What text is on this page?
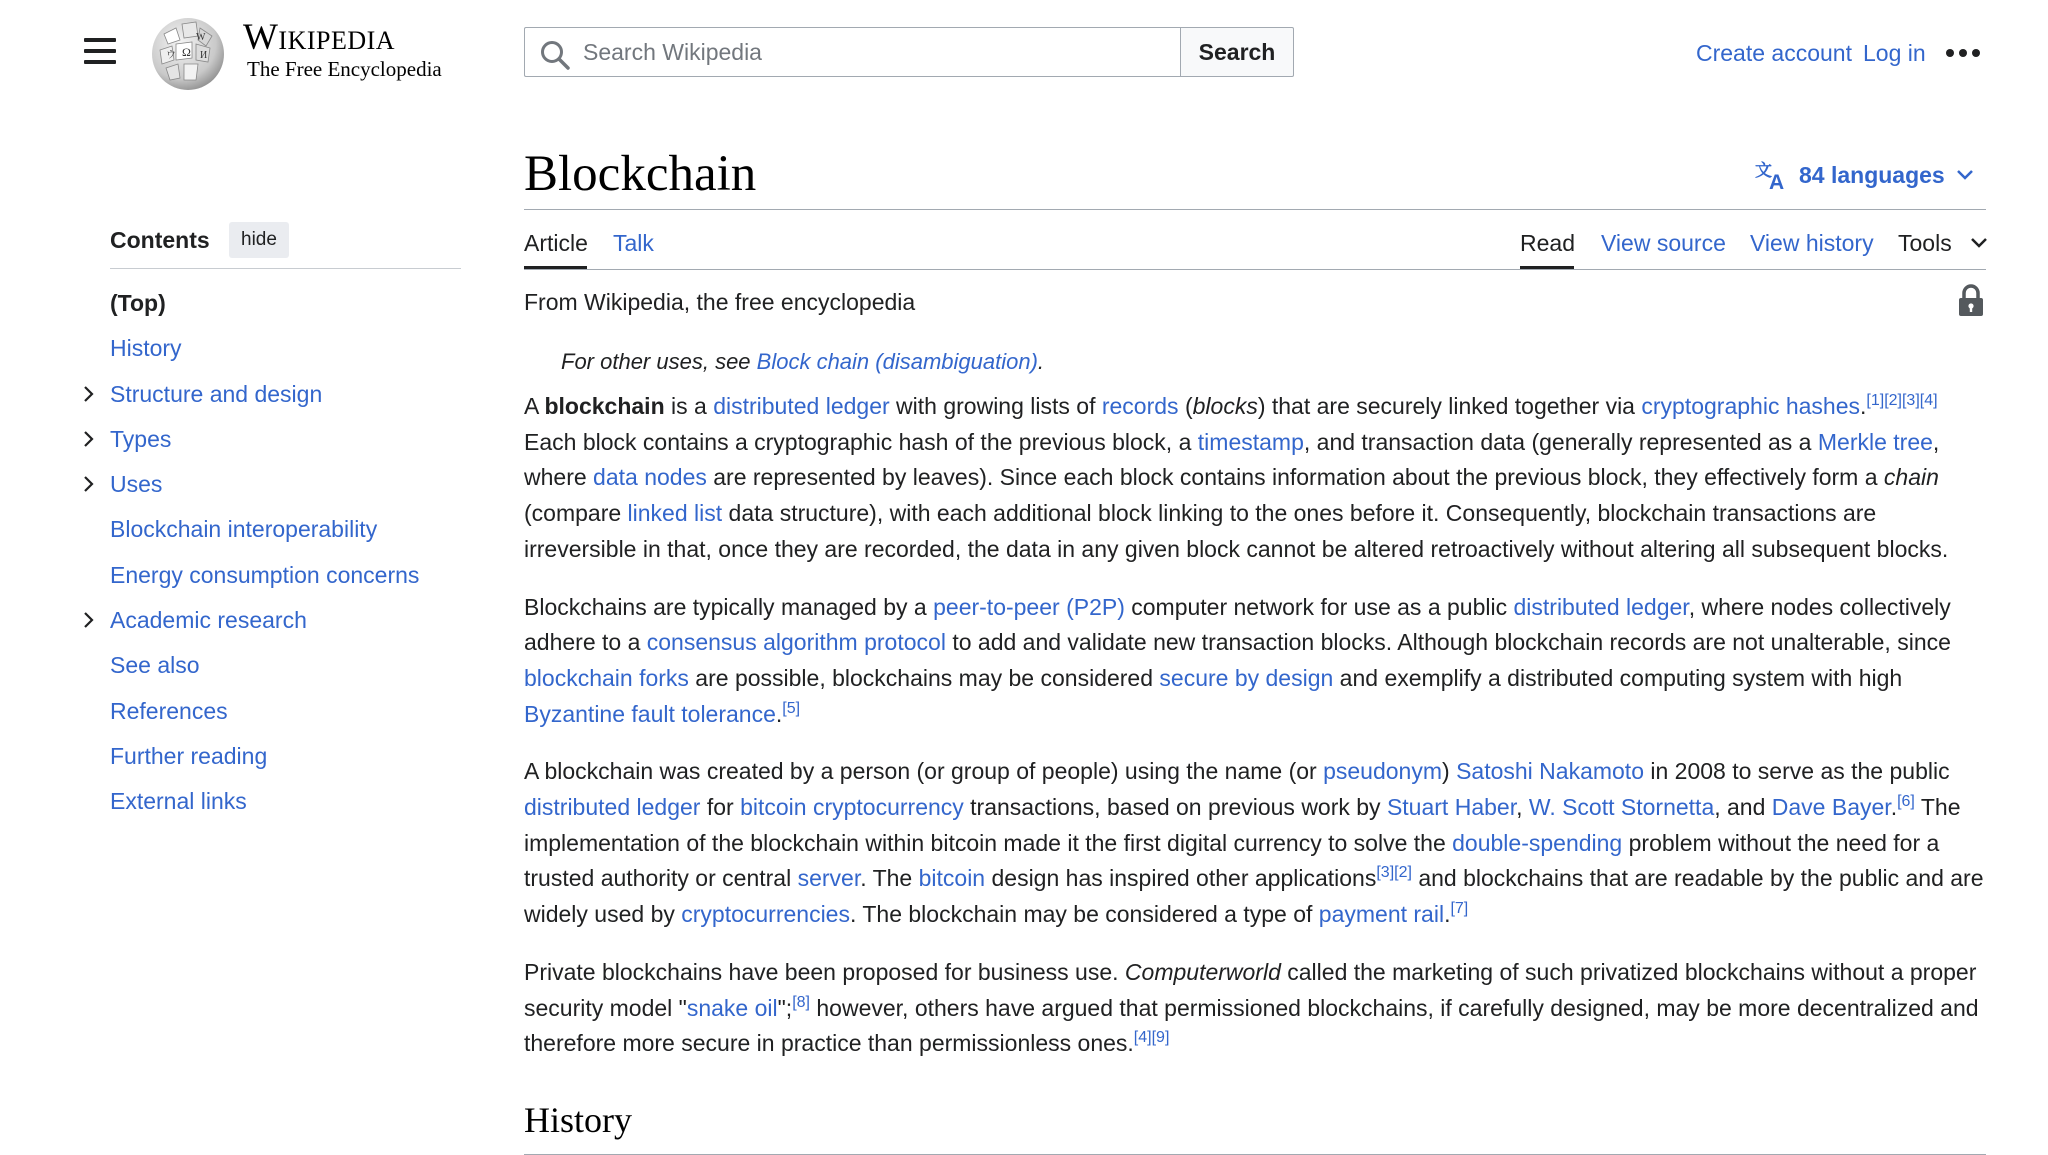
Ω
W
И
ウ Wikipedia
The Free Encyclopedia
Search Wikipedia
Search	Create account Log in
Contents	hide
(Top)
History
Structure and design
Types
Uses
Blockchain interoperability
Energy consumption concerns
Academic research
See also
References
Further reading
External links
Blockchain	文
A 84 languages
Article Talk	Read View source View history Tools
From Wikipedia, the free encyclopedia
For other uses, see Block chain (disambiguation).

A blockchain is a distributed ledger with growing lists of records (blocks) that are securely linked together via cryptographic hashes.[1][2][3][4] Each block contains a cryptographic hash of the previous block, a timestamp, and transaction data (generally represented as a Merkle tree, where data nodes are represented by leaves). Since each block contains information about the previous block, they effectively form a chain (compare linked list data structure), with each additional block linking to the ones before it. Consequently, blockchain transactions are irreversible in that, once they are recorded, the data in any given block cannot be altered retroactively without altering all subsequent blocks.

Blockchains are typically managed by a peer-to-peer (P2P) computer network for use as a public distributed ledger, where nodes collectively adhere to a consensus algorithm protocol to add and validate new transaction blocks. Although blockchain records are not unalterable, since blockchain forks are possible, blockchains may be considered secure by design and exemplify a distributed computing system with high Byzantine fault tolerance.[5]

A blockchain was created by a person (or group of people) using the name (or pseudonym) Satoshi Nakamoto in 2008 to serve as the public distributed ledger for bitcoin cryptocurrency transactions, based on previous work by Stuart Haber, W. Scott Stornetta, and Dave Bayer.[6] The implementation of the blockchain within bitcoin made it the first digital currency to solve the double-spending problem without the need for a trusted authority or central server. The bitcoin design has inspired other applications[3][2] and blockchains that are readable by the public and are widely used by cryptocurrencies. The blockchain may be considered a type of payment rail.[7]

Private blockchains have been proposed for business use. Computerworld called the marketing of such privatized blockchains without a proper security model "snake oil";[8] however, others have argued that permissioned blockchains, if carefully designed, may be more decentralized and therefore more secure in practice than permissionless ones.[4][9]

History
